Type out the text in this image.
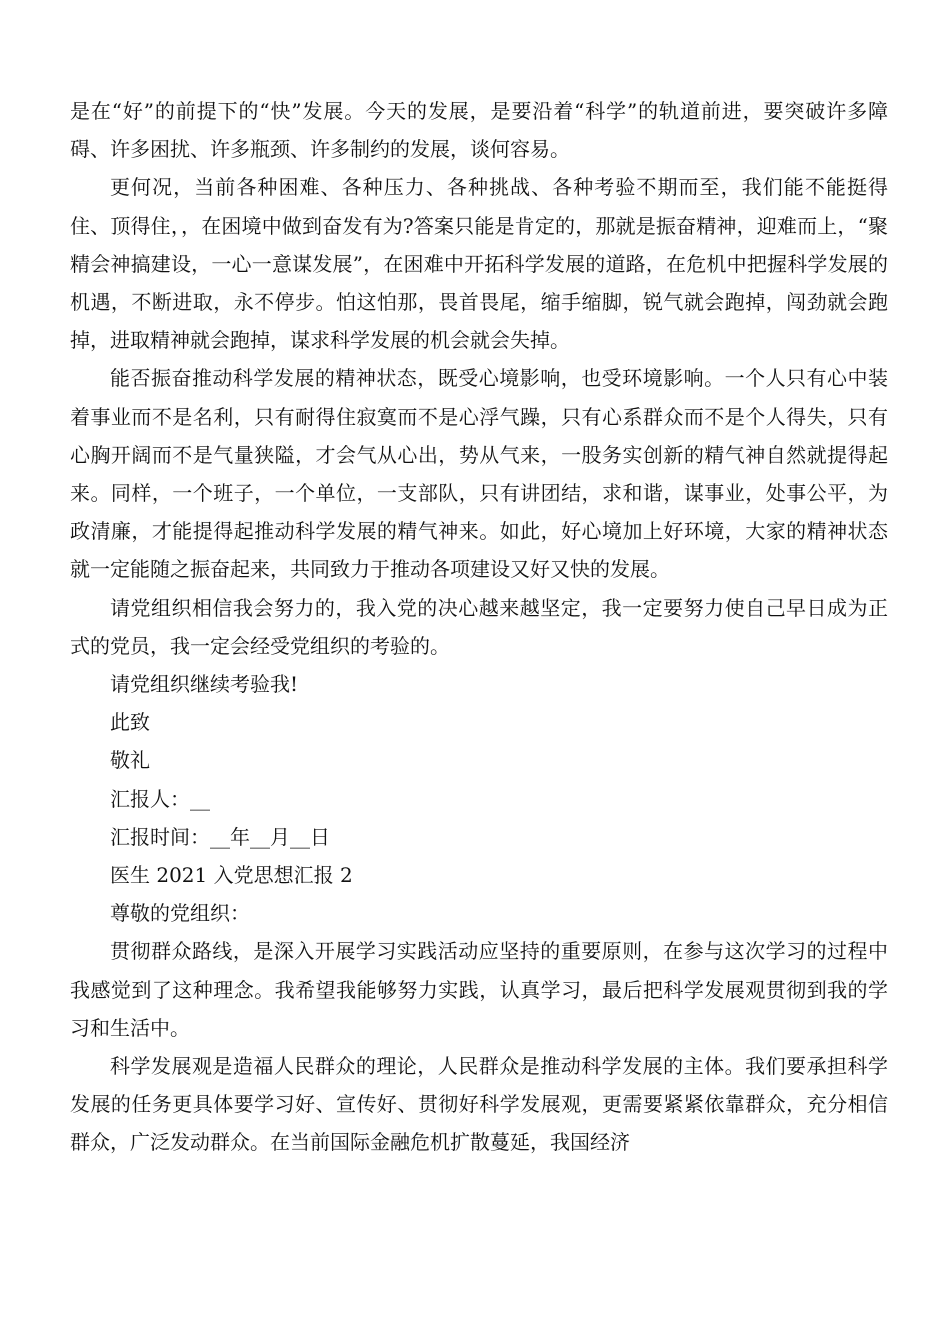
是在“好”的前提下的“快”发展。今天的发展，是要沿着“科学”的轨道前进，要突破许多障碍、许多困扰、许多瓶颈、许多制约的发展，谈何容易。

更何况，当前各种困难、各种压力、各种挑战、各种考验不期而至，我们能不能挺得住、顶得住，，在困境中做到奋发有为?答案只能是肯定的，那就是振奋精神，迎难而上，“聚精会神搞建设，一心一意谋发展”，在困难中开拓科学发展的道路，在危机中把握科学发展的机遇，不断进取，永不停步。怕这怕那，畏首畏尾，缩手缩脚，锐气就会跑掉，闯劲就会跑掉，进取精神就会跑掉，谋求科学发展的机会就会失掉。

能否振奋推动科学发展的精神状态，既受心境影响，也受环境影响。一个人只有心中装着事业而不是名利，只有耐得住寂寞而不是心浮气躁，只有心系群众而不是个人得失，只有心胸开阔而不是气量狭隘，才会气从心出，势从气来，一股务实创新的精气神自然就提得起来。同样，一个班子，一个单位，一支部队，只有讲团结，求和谐，谋事业，处事公平，为政清廉，才能提得起推动科学发展的精气神来。如此，好心境加上好环境，大家的精神状态就一定能随之振奋起来，共同致力于推动各项建设又好又快的发展。

请党组织相信我会努力的，我入党的决心越来越坚定，我一定要努力使自己早日成为正式的党员，我一定会经受党组织的考验的。

请党组织继续考验我!

此致

敬礼

汇报人：__

汇报时间：__年__月__日

医生 2021 入党思想汇报 2

尊敬的党组织：

贯彻群众路线，是深入开展学习实践活动应坚持的重要原则，在参与这次学习的过程中我感觉到了这种理念。我希望我能够努力实践，认真学习，最后把科学发展观贯彻到我的学习和生活中。

科学发展观是造福人民群众的理论，人民群众是推动科学发展的主体。我们要承担科学发展的任务更具体要学习好、宣传好、贯彻好科学发展观，更需要紧紧依靠群众，充分相信群众，广泛发动群众。在当前国际金融危机扩散蔓延，我国经济
